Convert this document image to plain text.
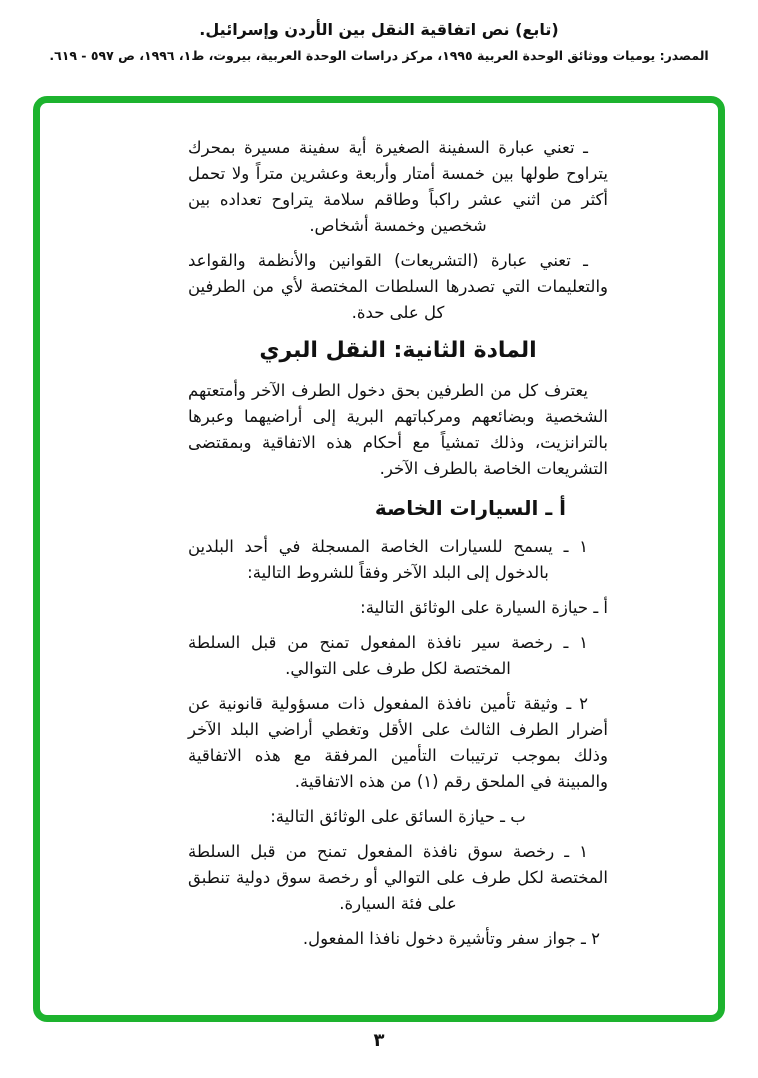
(تابع) نص اتفاقية النقل بين الأردن وإسرائيل.
المصدر: يوميات ووثائق الوحدة العربية ١٩٩٥، مركز دراسات الوحدة العربية، بيروت، ط١، ١٩٩٦، ص ٥٩٧ - ٦١٩.

ـ تعني عبارة السفينة الصغيرة أية سفينة مسيرة بمحرك يتراوح طولها بين خمسة أمتار وأربعة وعشرين متراً ولا تحمل أكثر من اثني عشر راكباً وطاقم سلامة يتراوح تعداده بين شخصين وخمسة أشخاص.

ـ تعني عبارة (التشريعات) القوانين والأنظمة والقواعد والتعليمات التي تصدرها السلطات المختصة لأي من الطرفين كل على حدة.

المادة الثانية: النقل البري

يعترف كل من الطرفين بحق دخول الطرف الآخر وأمتعتهم الشخصية وبضائعهم ومركباتهم البرية إلى أراضيهما وعبرها بالترانزيت، وذلك تمشياً مع أحكام هذه الاتفاقية وبمقتضى التشريعات الخاصة بالطرف الآخر.

أ ـ السيارات الخاصة

١ ـ يسمح للسيارات الخاصة المسجلة في أحد البلدين بالدخول إلى البلد الآخر وفقاً للشروط التالية:

أ ـ حيازة السيارة على الوثائق التالية:

١ ـ رخصة سير نافذة المفعول تمنح من قبل السلطة المختصة لكل طرف على التوالي.

٢ ـ وثيقة تأمين نافذة المفعول ذات مسؤولية قانونية عن أضرار الطرف الثالث على الأقل وتغطي أراضي البلد الآخر وذلك بموجب ترتيبات التأمين المرفقة مع هذه الاتفاقية والمبينة في الملحق رقم (١) من هذه الاتفاقية.

ب ـ حيازة السائق على الوثائق التالية:

١ ـ رخصة سوق نافذة المفعول تمنح من قبل السلطة المختصة لكل طرف على التوالي أو رخصة سوق دولية تنطبق على فئة السيارة.

٢ ـ جواز سفر وتأشيرة دخول نافذا المفعول.

٣
